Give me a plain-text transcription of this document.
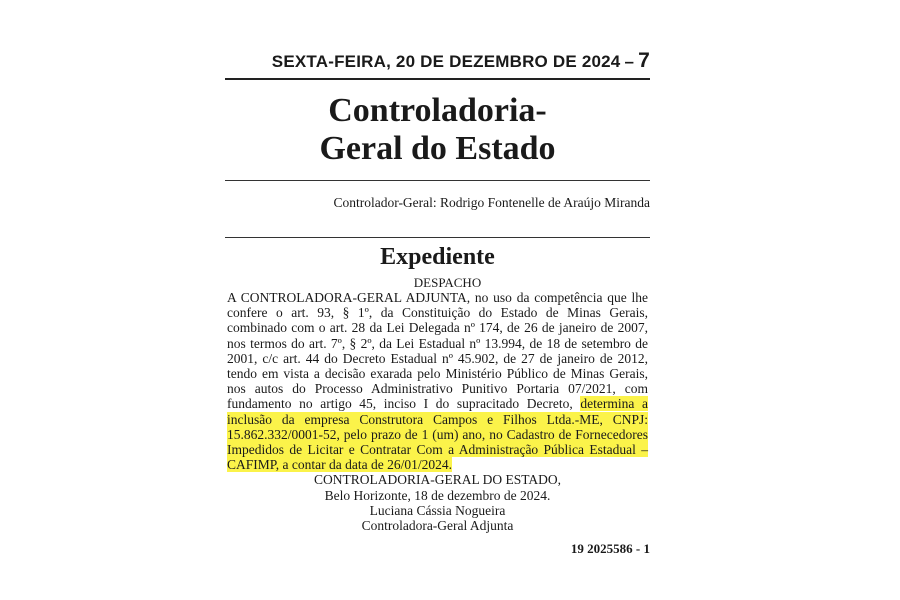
SEXTA-FEIRA, 20 DE DEZEMBRO DE 2024 – 7
Controladoria-
Geral do Estado
Controlador-Geral: Rodrigo Fontenelle de Araújo Miranda
Expediente
DESPACHO

A CONTROLADORA-GERAL ADJUNTA, no uso da competência que lhe confere o art. 93, § 1º, da Constituição do Estado de Minas Gerais, combinado com o art. 28 da Lei Delegada nº 174, de 26 de janeiro de 2007, nos termos do art. 7º, § 2º, da Lei Estadual nº 13.994, de 18 de setembro de 2001, c/c art. 44 do Decreto Estadual nº 45.902, de 27 de janeiro de 2012, tendo em vista a decisão exarada pelo Ministério Público de Minas Gerais, nos autos do Processo Administrativo Punitivo Portaria 07/2021, com fundamento no artigo 45, inciso I do supracitado Decreto, determina a inclusão da empresa Construtora Campos e Filhos Ltda.-ME, CNPJ: 15.862.332/0001-52, pelo prazo de 1 (um) ano, no Cadastro de Fornecedores Impedidos de Licitar e Contratar Com a Administração Pública Estadual – CAFIMP, a contar da data de 26/01/2024.

CONTROLADORIA-GERAL DO ESTADO,
Belo Horizonte, 18 de dezembro de 2024.
Luciana Cássia Nogueira
Controladora-Geral Adjunta
19 2025586 - 1
